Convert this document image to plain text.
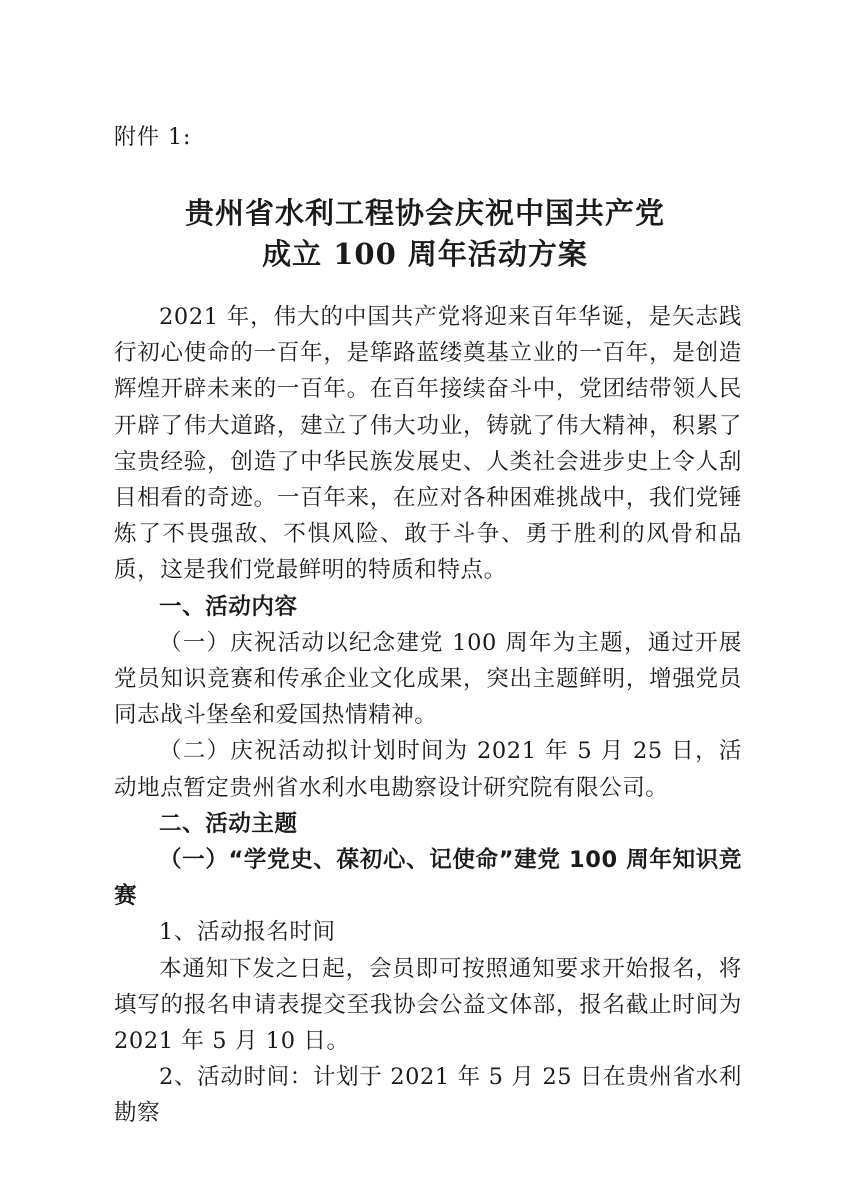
附件 1:
贵州省水利工程协会庆祝中国共产党
成立 100 周年活动方案

2021 年，伟大的中国共产党将迎来百年华诞，是矢志践行初心使命的一百年，是筚路蓝缕奠基立业的一百年，是创造辉煌开辟未来的一百年。在百年接续奋斗中，党团结带领人民开辟了伟大道路，建立了伟大功业，铸就了伟大精神，积累了宝贵经验，创造了中华民族发展史、人类社会进步史上令人刮目相看的奇迹。一百年来，在应对各种困难挑战中，我们党锤炼了不畏强敌、不惧风险、敢于斗争、勇于胜利的风骨和品质，这是我们党最鲜明的特质和特点。

一、活动内容

（一）庆祝活动以纪念建党 100 周年为主题，通过开展党员知识竞赛和传承企业文化成果，突出主题鲜明，增强党员同志战斗堡垒和爱国热情精神。

（二）庆祝活动拟计划时间为 2021 年 5 月 25 日，活动地点暂定贵州省水利水电勘察设计研究院有限公司。

二、活动主题

（一）“学党史、葆初心、记使命”建党 100 周年知识竞赛

1、活动报名时间

本通知下发之日起，会员即可按照通知要求开始报名，将填写的报名申请表提交至我协会公益文体部，报名截止时间为 2021 年 5 月 10 日。

2、活动时间：计划于 2021 年 5 月 25 日在贵州省水利勘察
